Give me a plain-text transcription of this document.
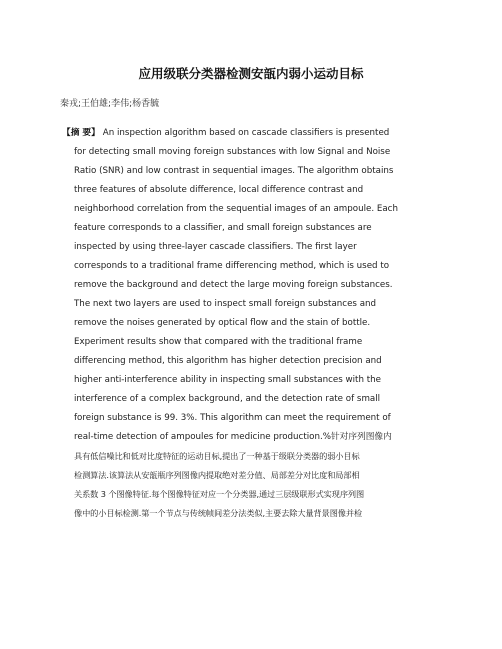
应用级联分类器检测安瓿内弱小运动目标
秦戎;王伯雄;李伟;杨香毓
【摘 要】 An inspection algorithm based on cascade classifiers is presented
for detecting small moving foreign substances with low Signal and Noise
Ratio (SNR) and low contrast in sequential images. The algorithm obtains
three features of absolute difference, local difference contrast and
neighborhood correlation from the sequential images of an ampoule. Each
feature corresponds to a classifier, and small foreign substances are
inspected by using three-layer cascade classifiers. The first layer
corresponds to a traditional frame differencing method, which is used to
remove the background and detect the large moving foreign substances.
The next two layers are used to inspect small foreign substances and
remove the noises generated by optical flow and the stain of bottle.
Experiment results show that compared with the traditional frame
differencing method, this algorithm has higher detection precision and
higher anti-interference ability in inspecting small substances with the
interference of a complex background, and the detection rate of small
foreign substance is 99. 3%. This algorithm can meet the requirement of
real-time detection of ampoules for medicine production.%针对序列图像内
具有低信噪比和低对比度特征的运动目标,提出了一种基于级联分类器的弱小目标
检测算法.该算法从安瓿瓶序列图像内提取绝对差分值、局部差分对比度和局部相
关系数 3 个图像特征.每个图像特征对应一个分类器,通过三层级联形式实现序列图
像中的小目标检测.第一个节点与传统帧间差分法类似,主要去除大量背景图像并检
